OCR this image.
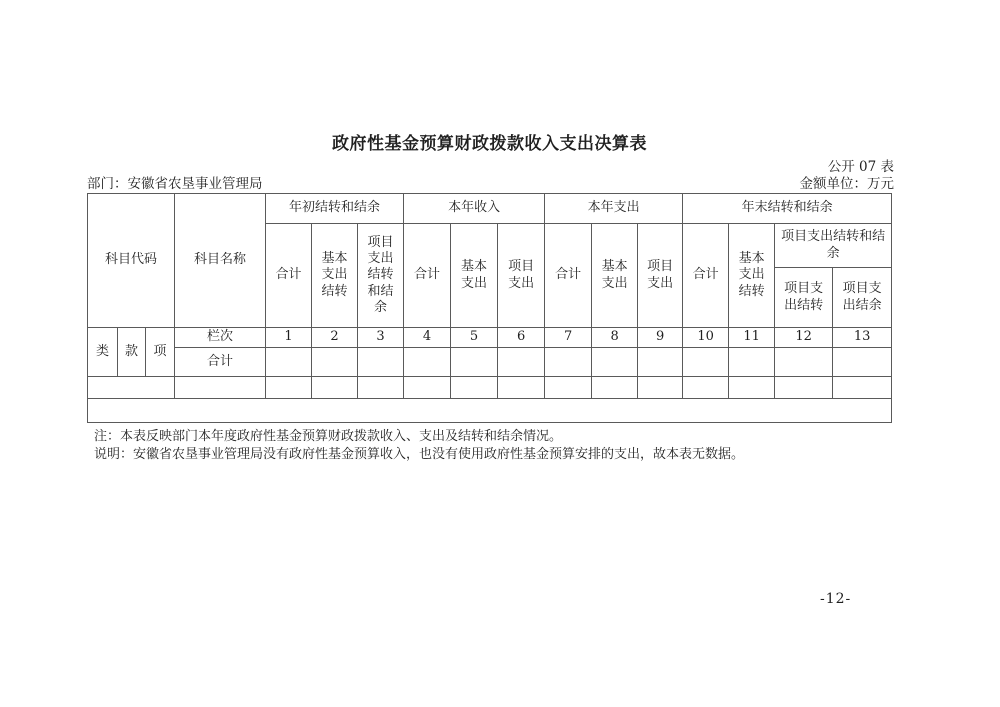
政府性基金预算财政拨款收入支出决算表
公开 07 表
部门：安徽省农垦事业管理局	金额单位：万元
科目代码			科目名称	年初结转和结余			本年收入			本年支出			年末结转和结余			
				合计	基本支出结转	项目支出结转和结余	合计	基本支出	项目支出	合计	基本支出	项目支出	合计	基本支出结转	项目支出结转和结余	
															项目支出结转	项目支出结余
类	款	项	栏次	1	2	3	4	5	6	7	8	9	10	11	12	13
			合计													

注：本表反映部门本年度政府性基金预算财政拨款收入、支出及结转和结余情况。
说明：安徽省农垦事业管理局没有政府性基金预算收入，也没有使用政府性基金预算安排的支出，故本表无数据。
-12-
